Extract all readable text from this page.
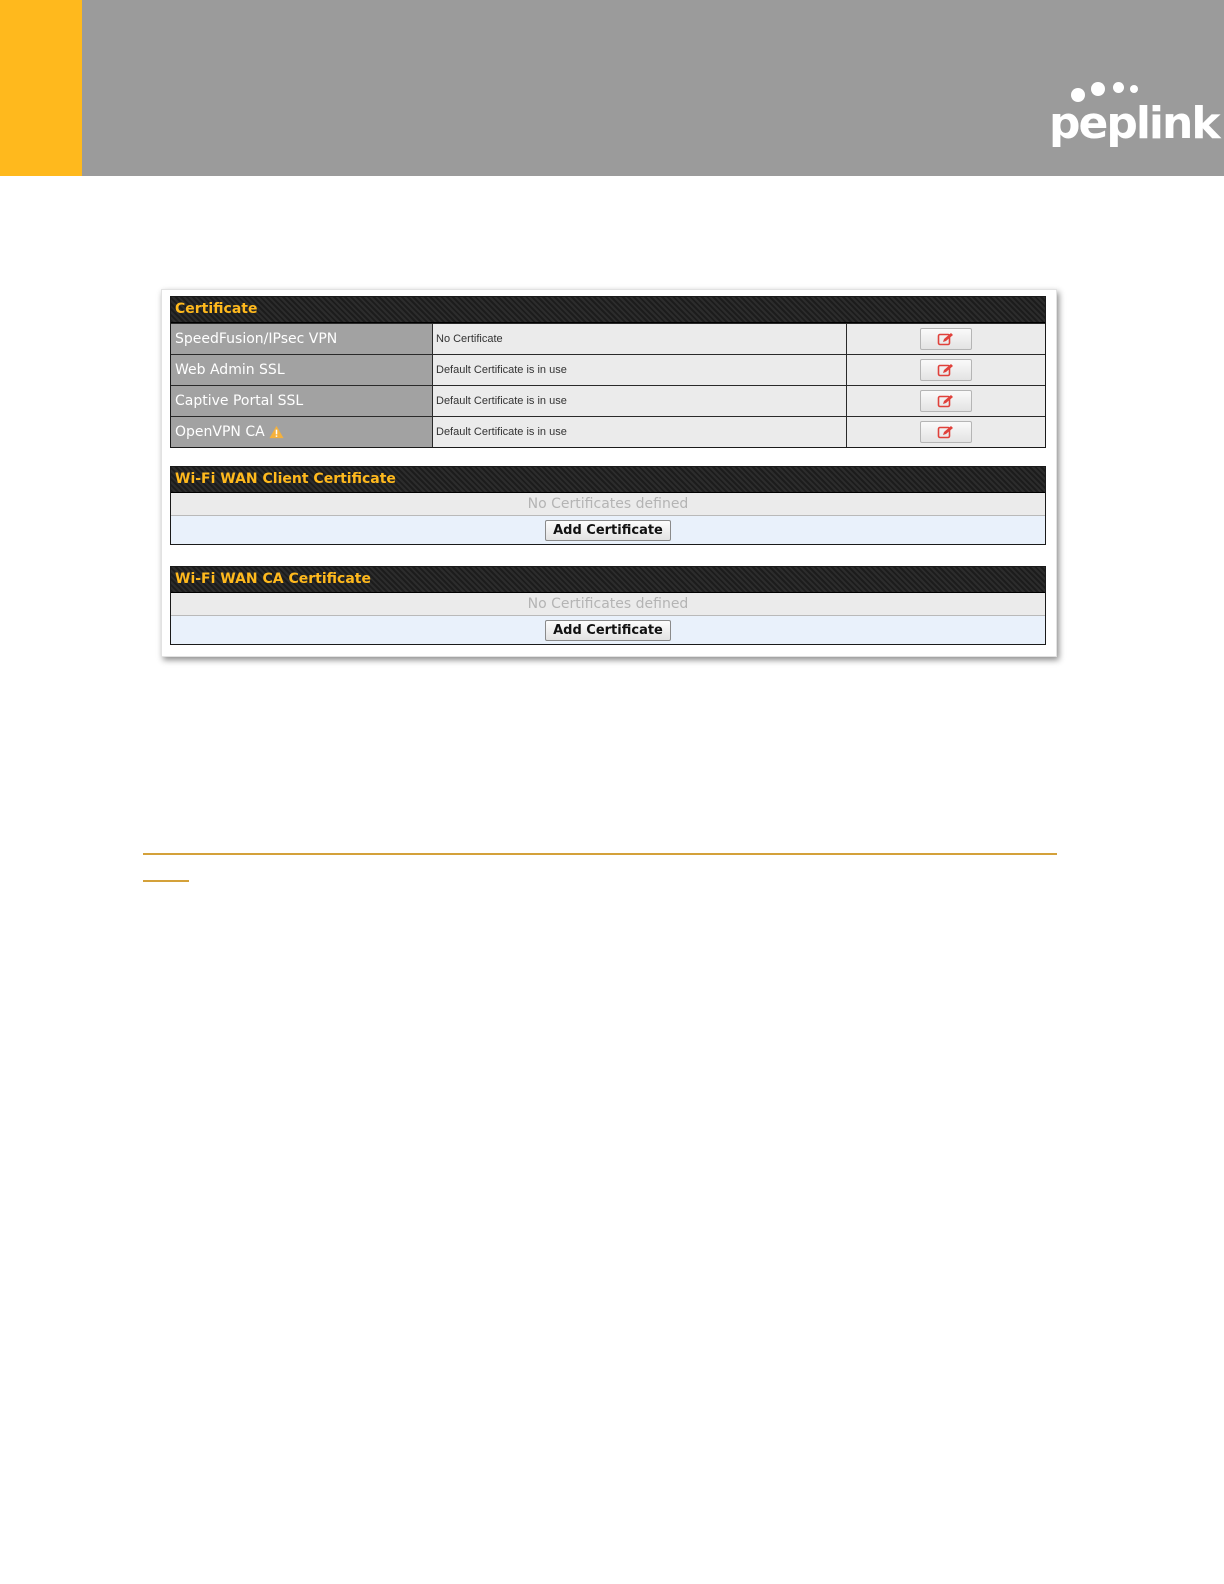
peplink
Certificate
SpeedFusion/IPsec VPN	No Certificate
Web Admin SSL	Default Certificate is in use
Captive Portal SSL	Default Certificate is in use
OpenVPN CA	Default Certificate is in use
Wi-Fi WAN Client Certificate
No Certificates defined
Add Certificate
Wi-Fi WAN CA Certificate
No Certificates defined
Add Certificate
